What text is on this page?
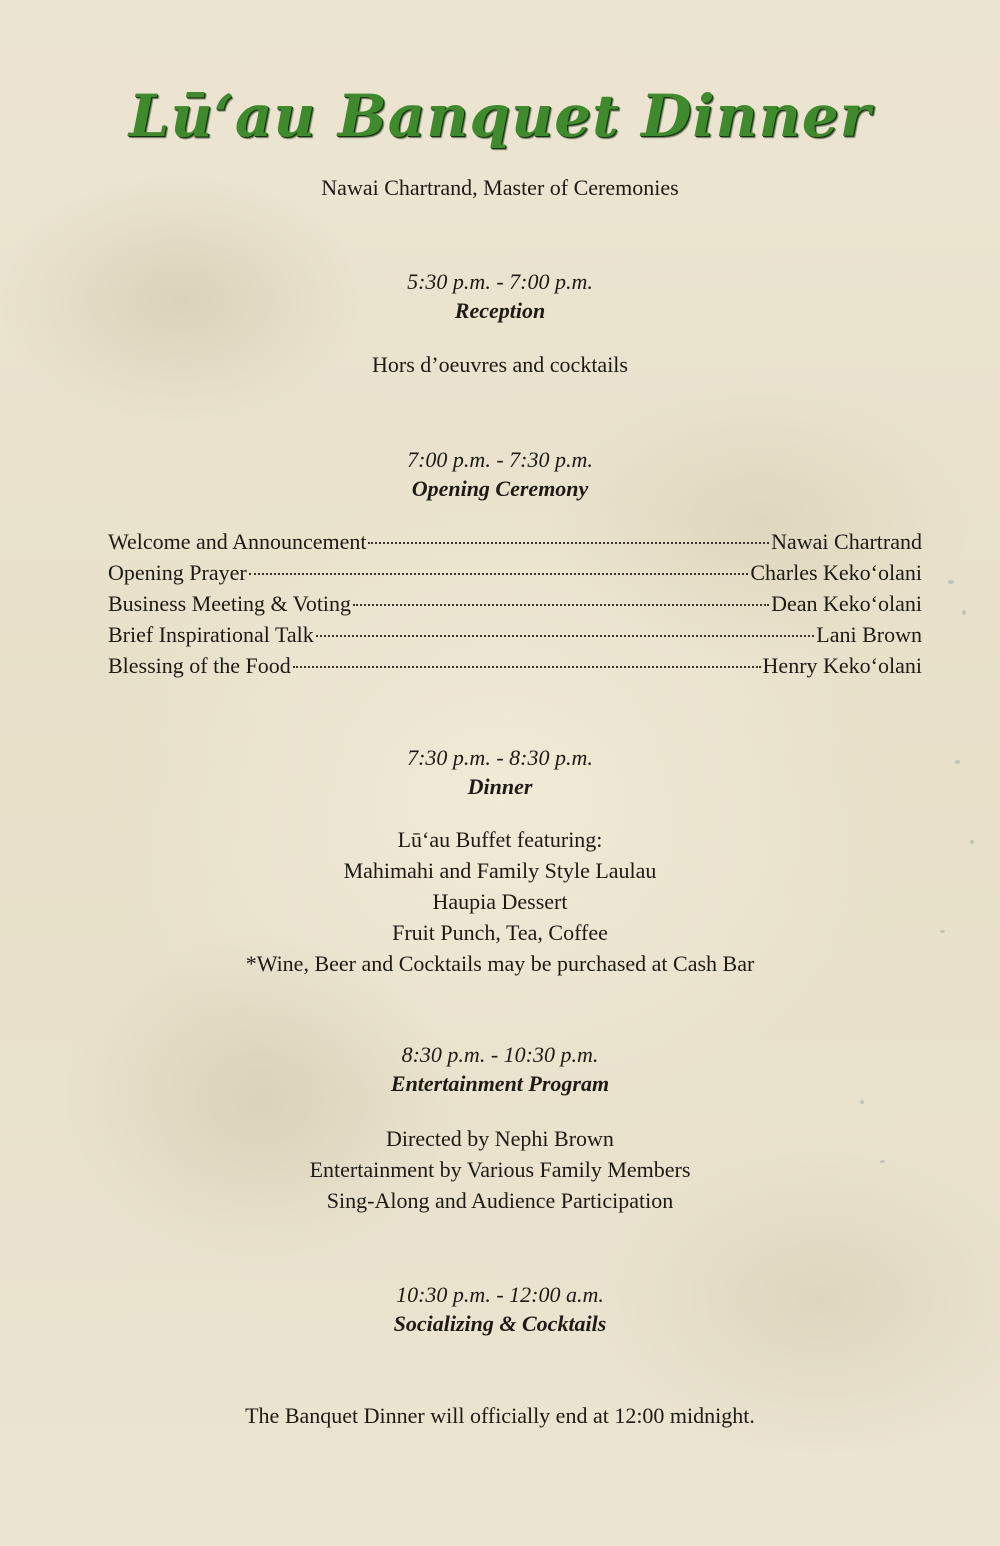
Lū‘au Banquet Dinner
Nawai Chartrand, Master of Ceremonies
5:30 p.m. - 7:00 p.m.
Reception
Hors d’oeuvres and cocktails
7:00 p.m. - 7:30 p.m.
Opening Ceremony
Welcome and Announcement	Nawai Chartrand
Opening Prayer	Charles Keko‘olani
Business Meeting & Voting	Dean Keko‘olani
Brief Inspirational Talk	Lani Brown
Blessing of the Food	Henry Keko‘olani
7:30 p.m. - 8:30 p.m.
Dinner
Lū‘au Buffet featuring:
Mahimahi and Family Style Laulau
Haupia Dessert
Fruit Punch, Tea, Coffee
*Wine, Beer and Cocktails may be purchased at Cash Bar
8:30 p.m. - 10:30 p.m.
Entertainment Program
Directed by Nephi Brown
Entertainment by Various Family Members
Sing-Along and Audience Participation
10:30 p.m. - 12:00 a.m.
Socializing & Cocktails
The Banquet Dinner will officially end at 12:00 midnight.
